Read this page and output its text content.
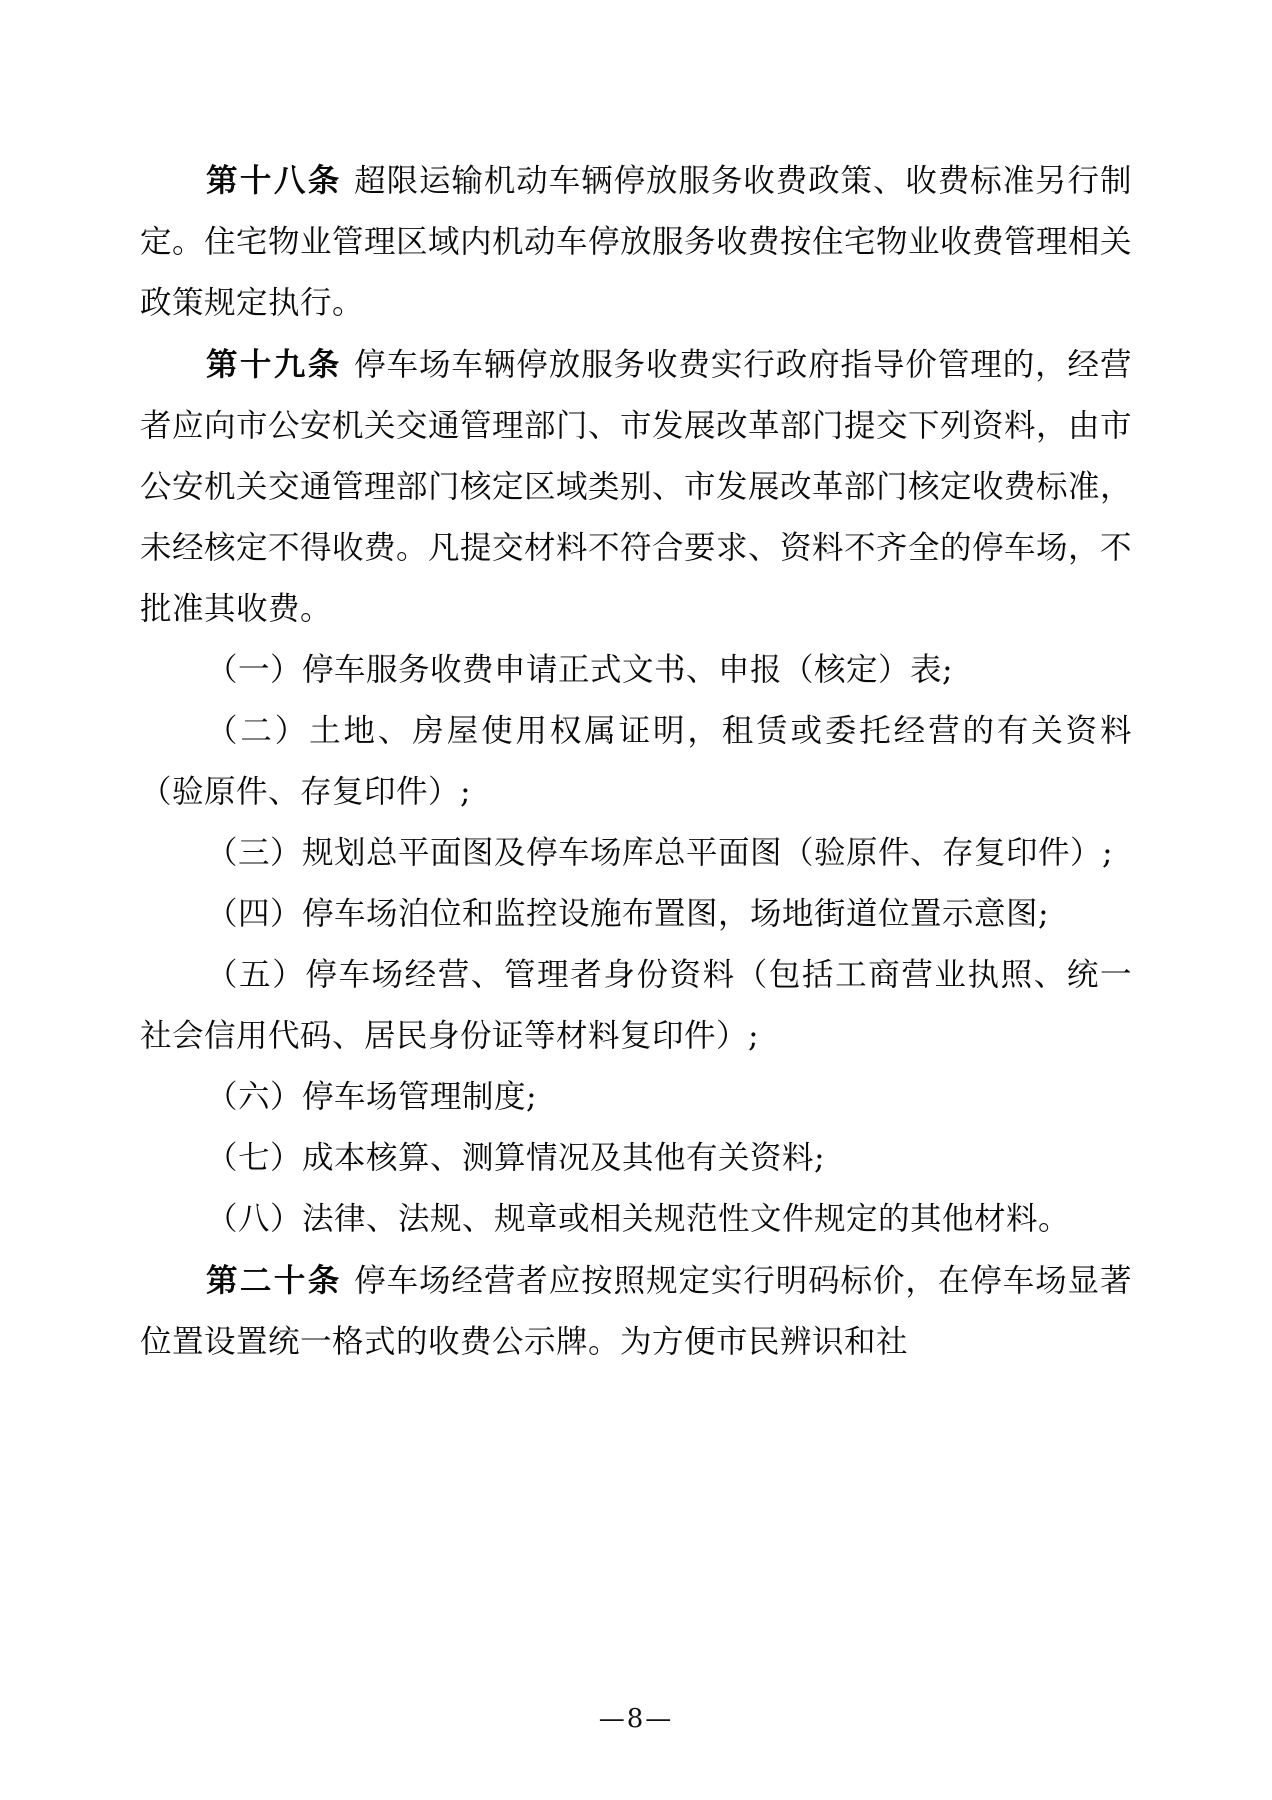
第十八条 超限运输机动车辆停放服务收费政策、收费标准另行制定。住宅物业管理区域内机动车停放服务收费按住宅物业收费管理相关政策规定执行。

第十九条 停车场车辆停放服务收费实行政府指导价管理的，经营者应向市公安机关交通管理部门、市发展改革部门提交下列资料，由市公安机关交通管理部门核定区域类别、市发展改革部门核定收费标准，未经核定不得收费。凡提交材料不符合要求、资料不齐全的停车场，不批准其收费。

（一）停车服务收费申请正式文书、申报（核定）表;

（二）土地、房屋使用权属证明，租赁或委托经营的有关资料（验原件、存复印件）;

（三）规划总平面图及停车场库总平面图（验原件、存复印件）;

（四）停车场泊位和监控设施布置图，场地街道位置示意图;

（五）停车场经营、管理者身份资料（包括工商营业执照、统一社会信用代码、居民身份证等材料复印件）;

（六）停车场管理制度;

（七）成本核算、测算情况及其他有关资料;

（八）法律、法规、规章或相关规范性文件规定的其他材料。

第二十条 停车场经营者应按照规定实行明码标价，在停车场显著位置设置统一格式的收费公示牌。为方便市民辨识和社

—8—
